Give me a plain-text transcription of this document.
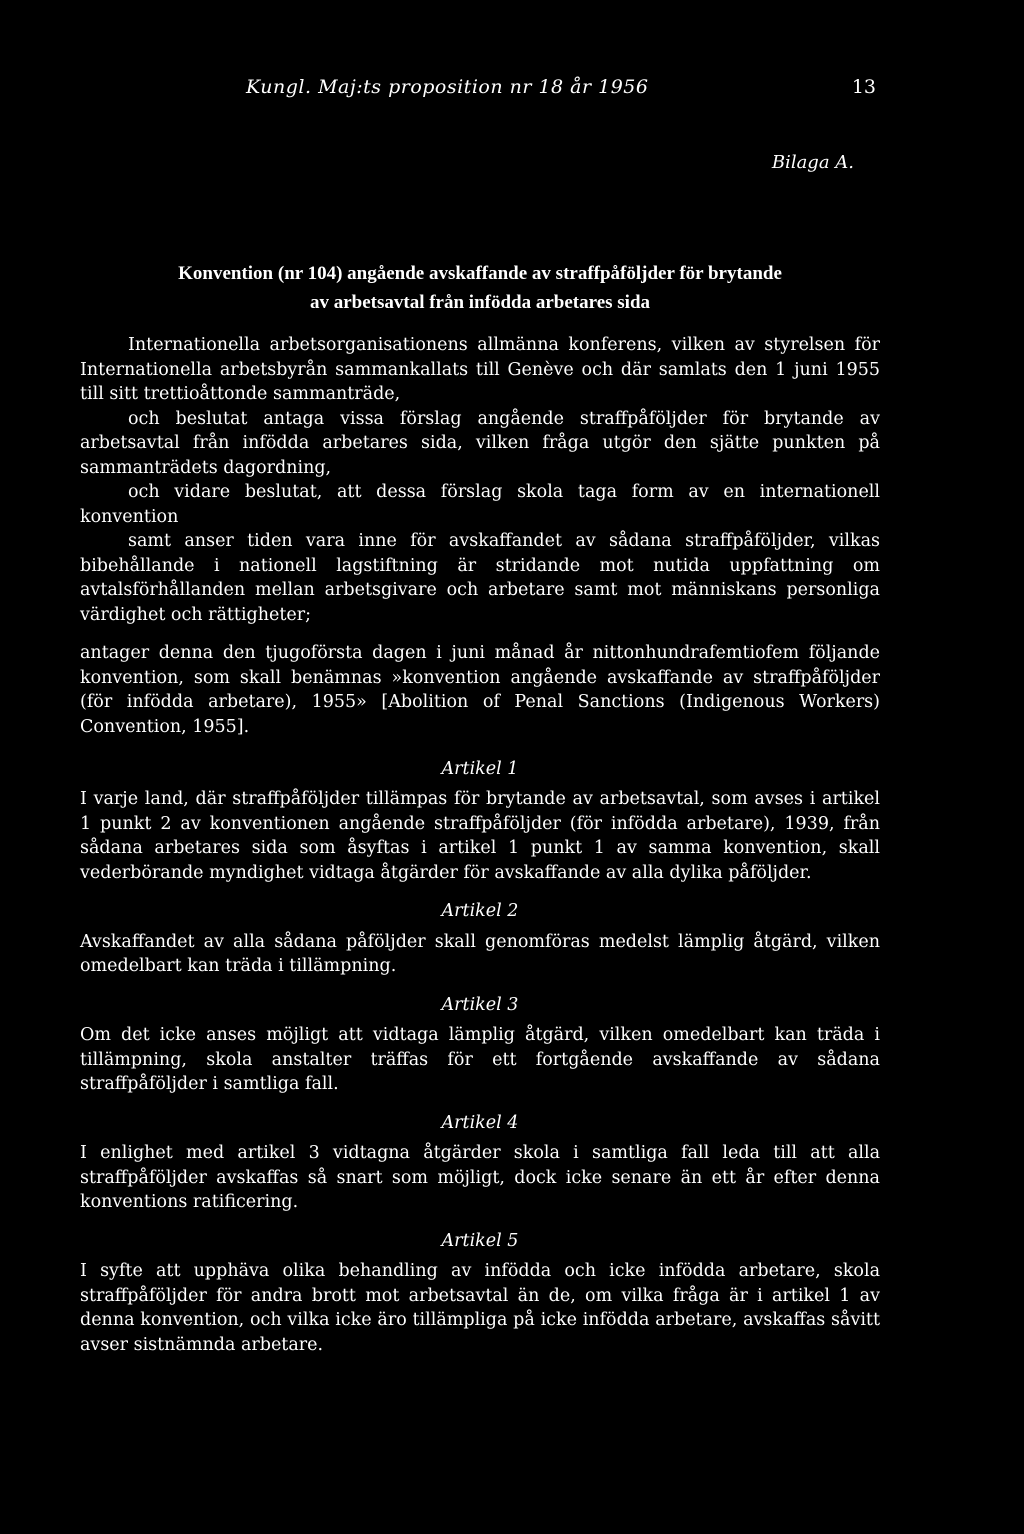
Kungl. Maj:ts proposition nr 18 år 1956	13
Bilaga A.
Konvention (nr 104) angående avskaffande av straffpåföljder för brytande
av arbetsavtal från infödda arbetares sida

Internationella arbetsorganisationens allmänna konferens, vilken av styrelsen för Internationella arbetsbyrån sammankallats till Genève och där samlats den 1 juni 1955 till sitt trettioåttonde sammanträde,

och beslutat antaga vissa förslag angående straffpåföljder för brytande av arbetsavtal från infödda arbetares sida, vilken fråga utgör den sjätte punkten på sammanträdets dagordning,

och vidare beslutat, att dessa förslag skola taga form av en internationell konvention

samt anser tiden vara inne för avskaffandet av sådana straffpåföljder, vilkas bibehållande i nationell lagstiftning är stridande mot nutida uppfattning om avtalsförhållanden mellan arbetsgivare och arbetare samt mot människans personliga värdighet och rättigheter;

antager denna den tjugoförsta dagen i juni månad år nittonhundrafemtiofem följande konvention, som skall benämnas »konvention angående avskaffande av straffpåföljder (för infödda arbetare), 1955» [Abolition of Penal Sanctions (Indigenous Workers) Convention, 1955].

Artikel 1

I varje land, där straffpåföljder tillämpas för brytande av arbetsavtal, som avses i artikel 1 punkt 2 av konventionen angående straffpåföljder (för infödda arbetare), 1939, från sådana arbetares sida som åsyftas i artikel 1 punkt 1 av samma konvention, skall vederbörande myndighet vidtaga åtgärder för avskaffande av alla dylika påföljder.

Artikel 2

Avskaffandet av alla sådana påföljder skall genomföras medelst lämplig åtgärd, vilken omedelbart kan träda i tillämpning.

Artikel 3

Om det icke anses möjligt att vidtaga lämplig åtgärd, vilken omedelbart kan träda i tillämpning, skola anstalter träffas för ett fortgående avskaffande av sådana straffpåföljder i samtliga fall.

Artikel 4

I enlighet med artikel 3 vidtagna åtgärder skola i samtliga fall leda till att alla straffpåföljder avskaffas så snart som möjligt, dock icke senare än ett år efter denna konventions ratificering.

Artikel 5

I syfte att upphäva olika behandling av infödda och icke infödda arbetare, skola straffpåföljder för andra brott mot arbetsavtal än de, om vilka fråga är i artikel 1 av denna konvention, och vilka icke äro tillämpliga på icke infödda arbetare, avskaffas såvitt avser sistnämnda arbetare.
